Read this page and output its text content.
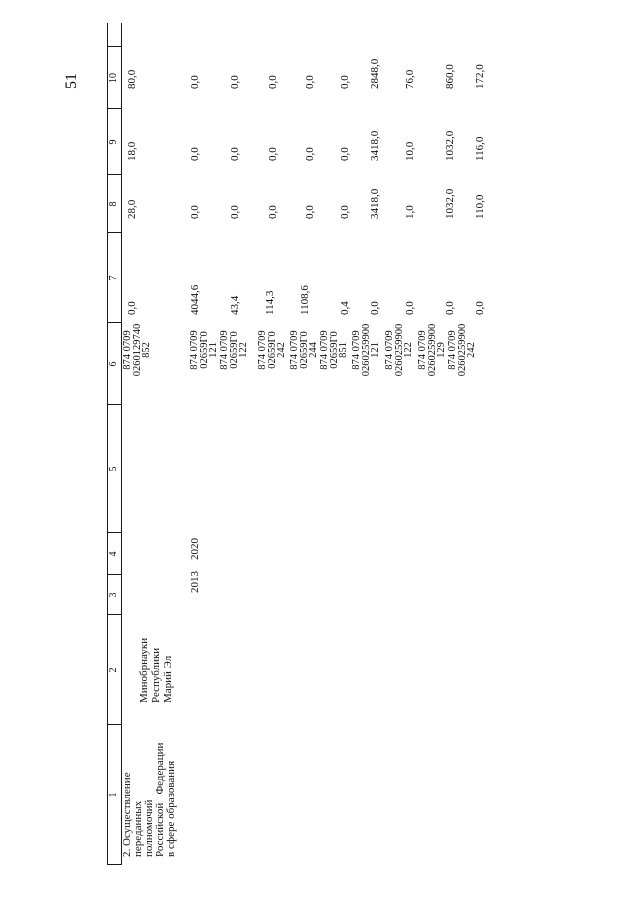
51
1
2
3
4
5
6
7
8
9
10
2. Осуществление
переданных
полномочий
Российской   Федерации
в сфере образования
Минобрнауки
Республики
Марий Эл
2013
2020
874 0709
0260129740
852
0,0
28,0
18,0
80,0
874 0709
02659Г0
121
4044,6
0,0
0,0
0,0
874 0709
02659Г0
122
43,4
0,0
0,0
0,0
874 0709
02659Г0
242
114,3
0,0
0,0
0,0
874 0709
02659Г0
244
1108,6
0,0
0,0
0,0
874 0709
02659Г0
851
0,4
0,0
0,0
0,0
874 0709
0260259900
121
0,0
3418,0
3418,0
2848,0
874 0709
0260259900
122
0,0
1,0
10,0
76,0
874 0709
0260259900
129
0,0
1032,0
1032,0
860,0
874 0709
0260259900
242
0,0
110,0
116,0
172,0
